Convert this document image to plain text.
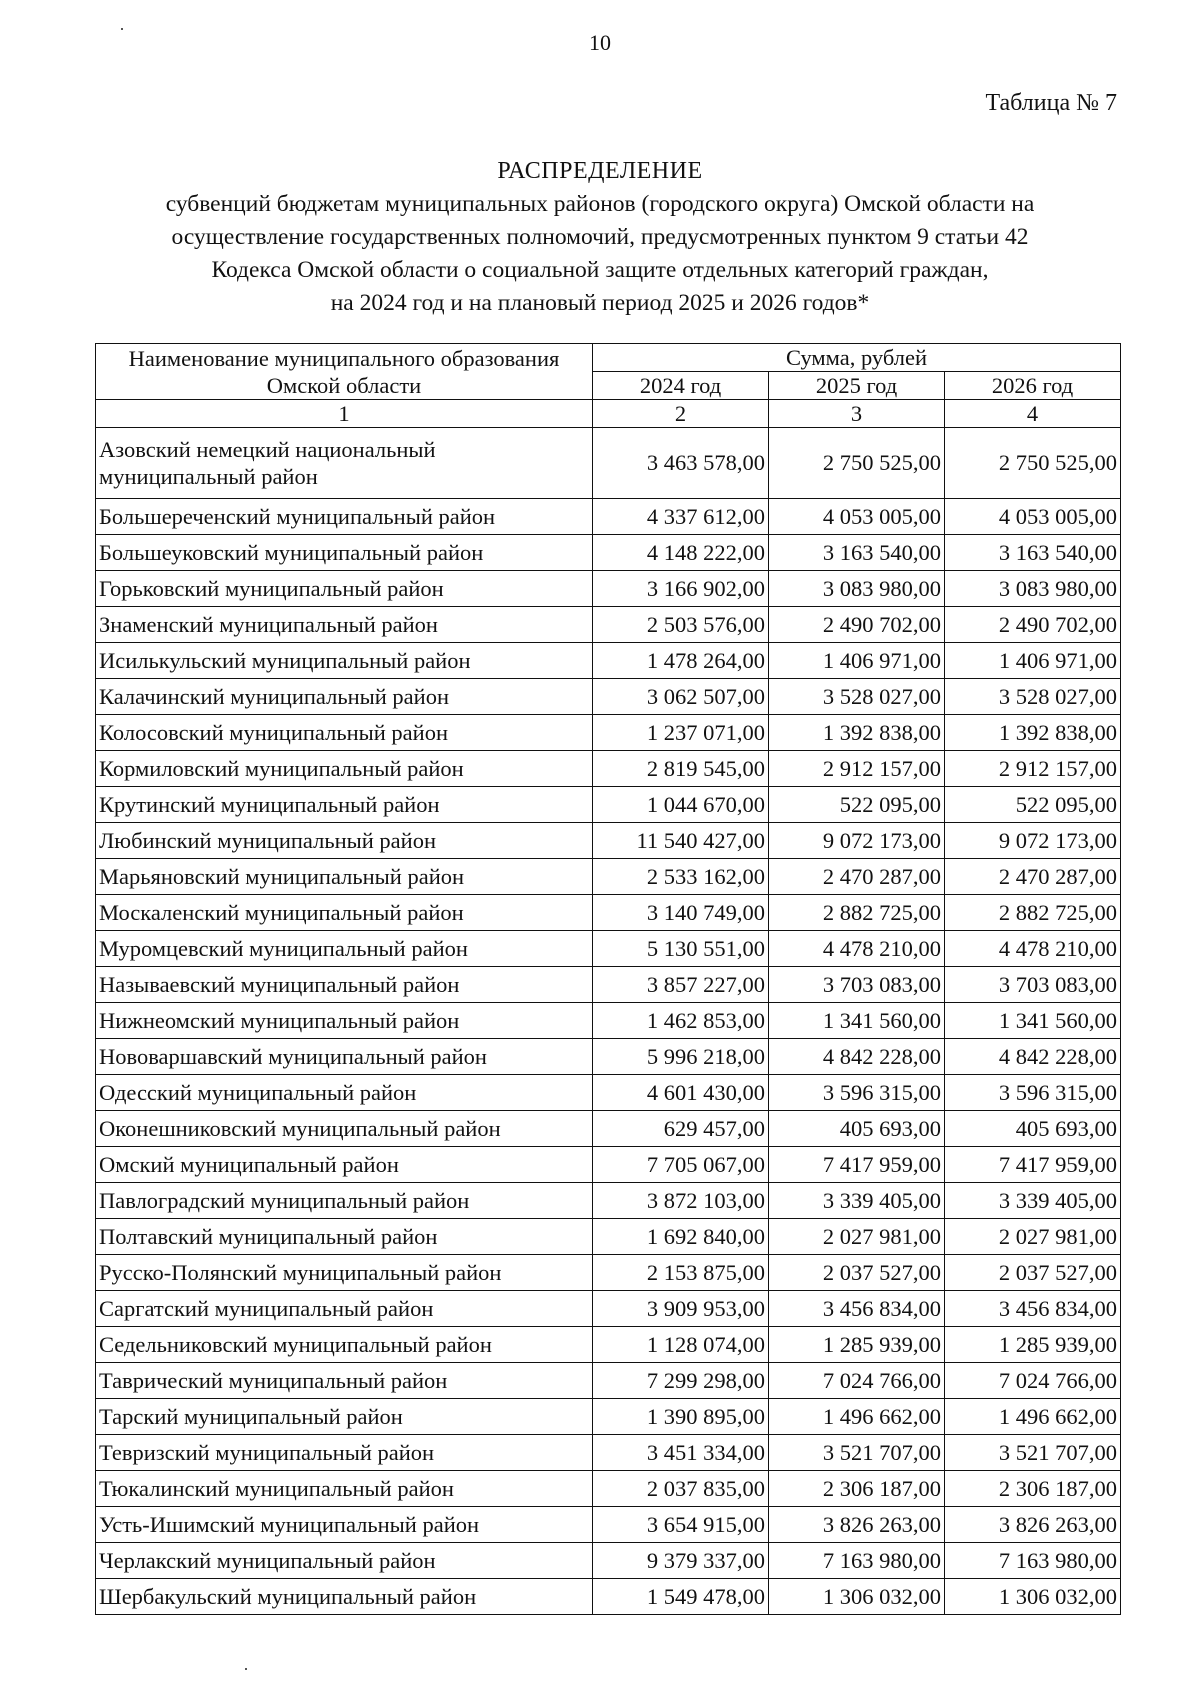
10
Таблица № 7
РАСПРЕДЕЛЕНИЕ
субвенций бюджетам муниципальных районов (городского округа) Омской области на
осуществление государственных полномочий, предусмотренных пунктом 9 статьи 42
Кодекса Омской области о социальной защите отдельных категорий граждан,
на 2024 год и на плановый период 2025 и 2026 годов*
Наименование муниципального образования Омской области	Сумма, рублей		
	2024 год	2025 год	2026 год
1	2	3	4
Азовский немецкий национальный муниципальный район	3 463 578,00	2 750 525,00	2 750 525,00
Большереченский муниципальный район	4 337 612,00	4 053 005,00	4 053 005,00
Большеуковский муниципальный район	4 148 222,00	3 163 540,00	3 163 540,00
Горьковский муниципальный район	3 166 902,00	3 083 980,00	3 083 980,00
Знаменский муниципальный район	2 503 576,00	2 490 702,00	2 490 702,00
Исилькульский муниципальный район	1 478 264,00	1 406 971,00	1 406 971,00
Калачинский муниципальный район	3 062 507,00	3 528 027,00	3 528 027,00
Колосовский муниципальный район	1 237 071,00	1 392 838,00	1 392 838,00
Кормиловский муниципальный район	2 819 545,00	2 912 157,00	2 912 157,00
Крутинский муниципальный район	1 044 670,00	522 095,00	522 095,00
Любинский муниципальный район	11 540 427,00	9 072 173,00	9 072 173,00
Марьяновский муниципальный район	2 533 162,00	2 470 287,00	2 470 287,00
Москаленский муниципальный район	3 140 749,00	2 882 725,00	2 882 725,00
Муромцевский муниципальный район	5 130 551,00	4 478 210,00	4 478 210,00
Называевский муниципальный район	3 857 227,00	3 703 083,00	3 703 083,00
Нижнеомский муниципальный район	1 462 853,00	1 341 560,00	1 341 560,00
Нововаршавский муниципальный район	5 996 218,00	4 842 228,00	4 842 228,00
Одесский муниципальный район	4 601 430,00	3 596 315,00	3 596 315,00
Оконешниковский муниципальный район	629 457,00	405 693,00	405 693,00
Омский муниципальный район	7 705 067,00	7 417 959,00	7 417 959,00
Павлоградский муниципальный район	3 872 103,00	3 339 405,00	3 339 405,00
Полтавский муниципальный район	1 692 840,00	2 027 981,00	2 027 981,00
Русско-Полянский муниципальный район	2 153 875,00	2 037 527,00	2 037 527,00
Саргатский муниципальный район	3 909 953,00	3 456 834,00	3 456 834,00
Седельниковский муниципальный район	1 128 074,00	1 285 939,00	1 285 939,00
Таврический муниципальный район	7 299 298,00	7 024 766,00	7 024 766,00
Тарский муниципальный район	1 390 895,00	1 496 662,00	1 496 662,00
Тевризский муниципальный район	3 451 334,00	3 521 707,00	3 521 707,00
Тюкалинский муниципальный район	2 037 835,00	2 306 187,00	2 306 187,00
Усть-Ишимский муниципальный район	3 654 915,00	3 826 263,00	3 826 263,00
Черлакский муниципальный район	9 379 337,00	7 163 980,00	7 163 980,00
Шербакульский муниципальный район	1 549 478,00	1 306 032,00	1 306 032,00
